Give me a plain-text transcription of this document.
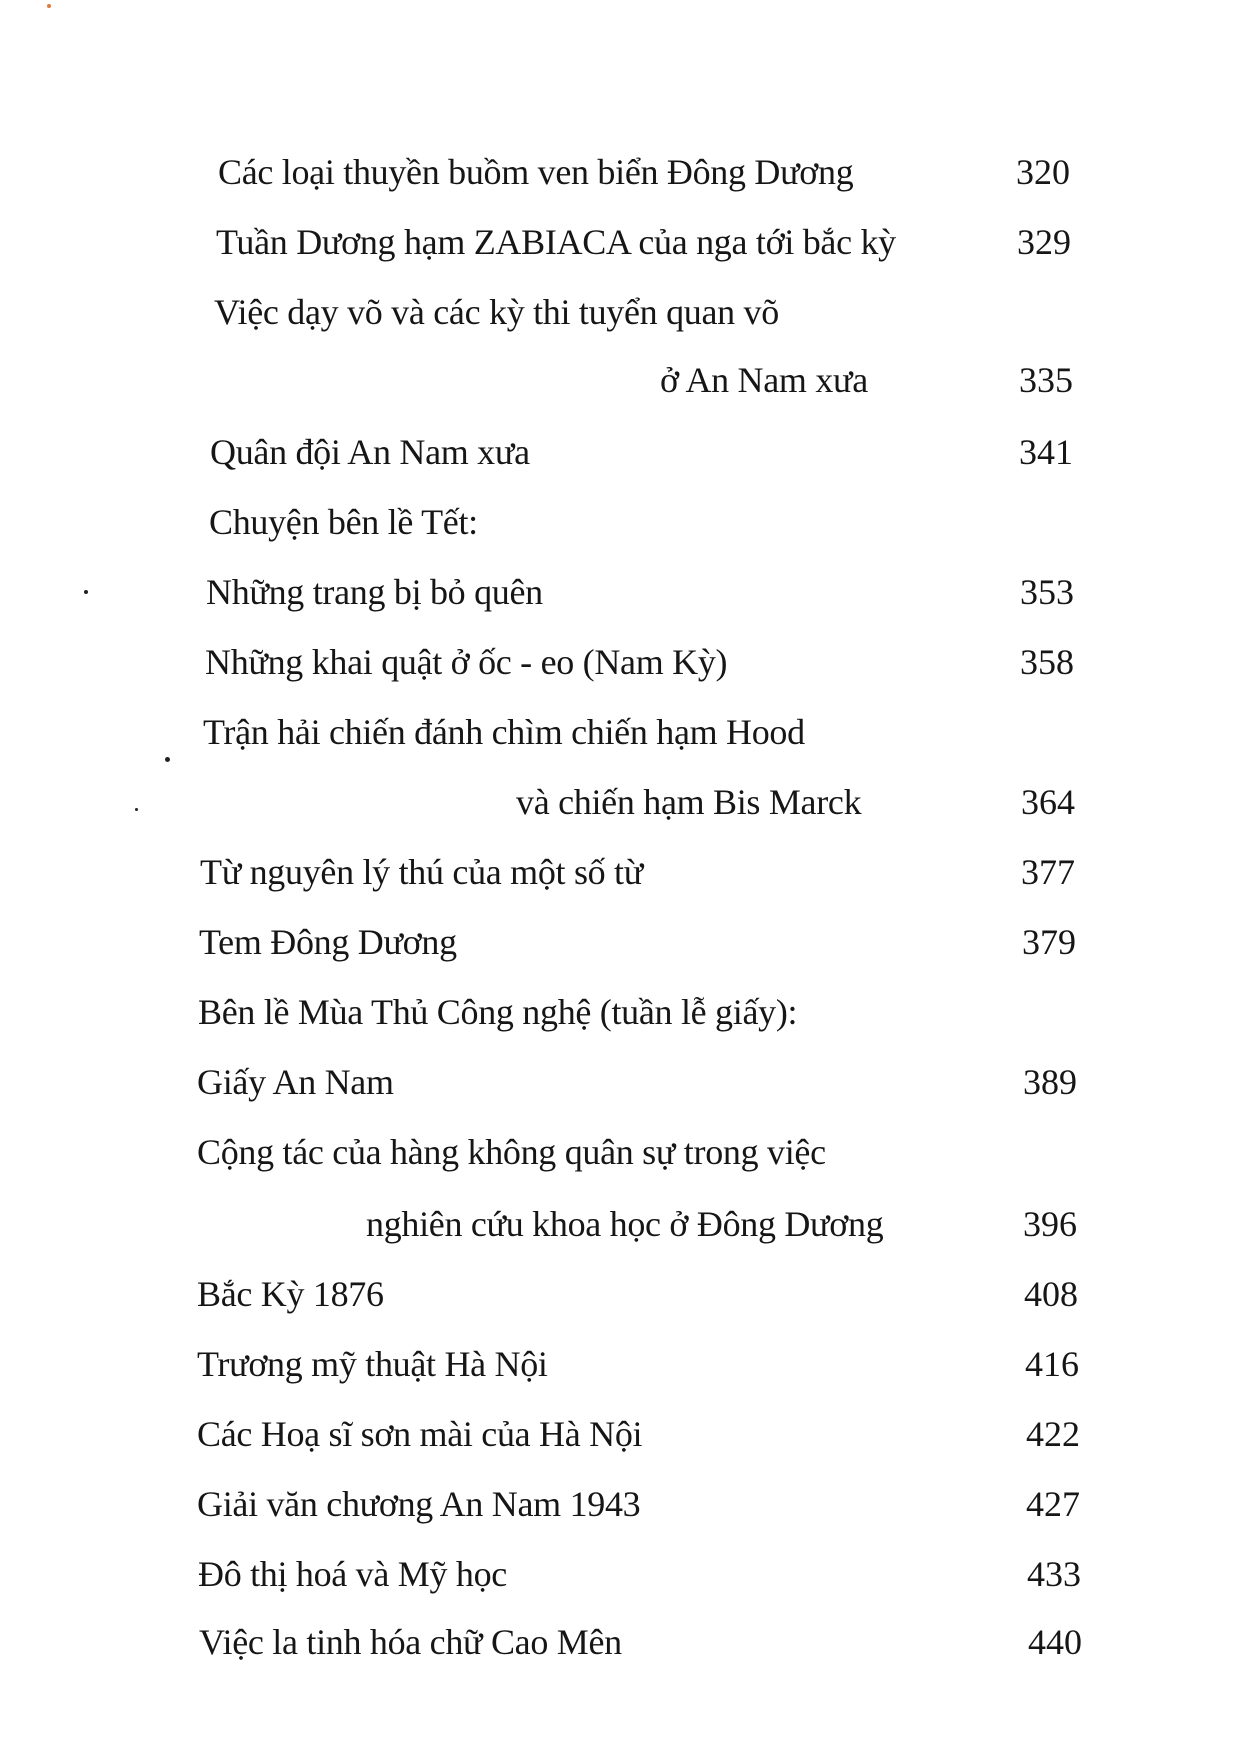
Các loại thuyền buồm ven biển Đông Dương	320
Tuần Dương hạm ZABIACA của nga tới bắc kỳ	329
Việc dạy võ và các kỳ thi tuyển quan võ
ở An Nam xưa	335
Quân đội An Nam xưa	341
Chuyện bên lề Tết:
Những trang bị bỏ quên	353
Những khai quật ở ốc - eo (Nam Kỳ)	358
Trận hải chiến đánh chìm chiến hạm Hood
và chiến hạm Bis Marck	364
Từ nguyên lý thú của một số từ	377
Tem Đông Dương	379
Bên lề Mùa Thủ Công nghệ (tuần lễ giấy):
Giấy An Nam	389
Cộng tác của hàng không quân sự trong việc
nghiên cứu khoa học ở Đông Dương	396
Bắc Kỳ 1876	408
Trương mỹ thuật Hà Nội	416
Các Hoạ sĩ sơn mài của Hà Nội	422
Giải văn chương An Nam 1943	427
Đô thị hoá và Mỹ học	433
Việc la tinh hóa chữ Cao Mên	440
